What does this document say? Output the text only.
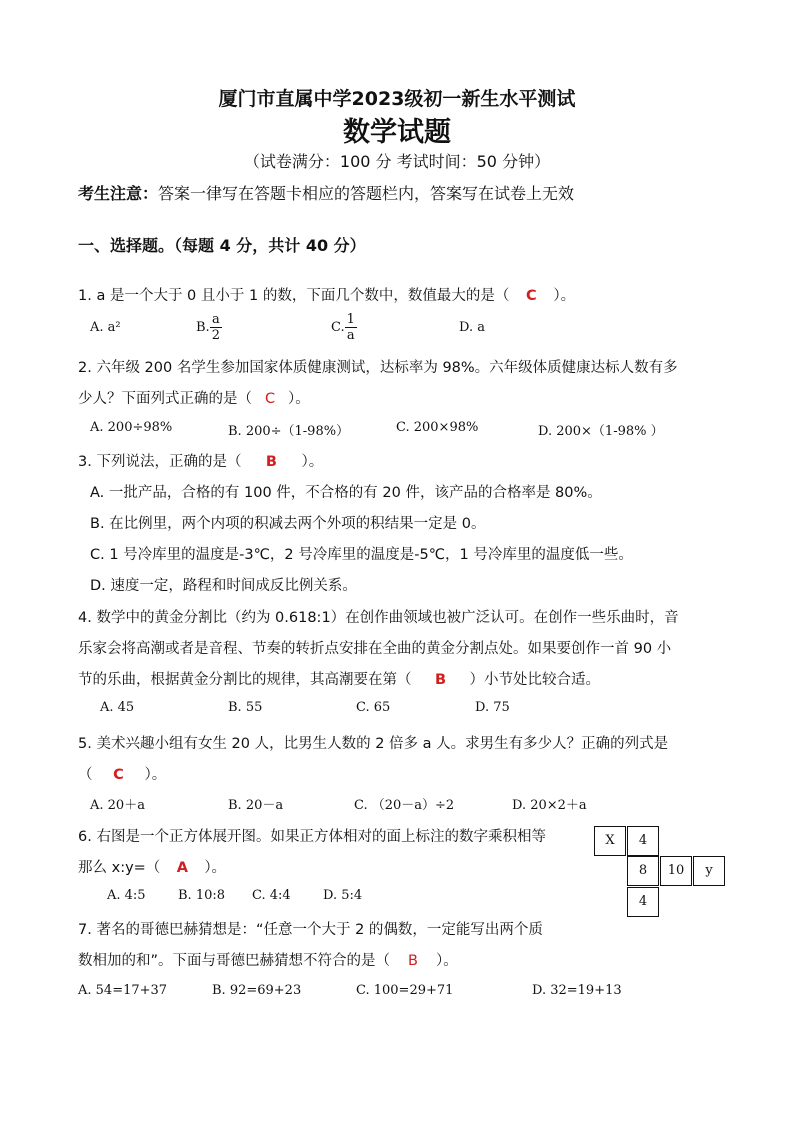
厦门市直属中学2023级初一新生水平测试
数学试题
（试卷满分：100 分 考试时间：50 分钟）
考生注意：答案一律写在答题卡相应的答题栏内，答案写在试卷上无效
一、选择题。（每题 4 分，共计 40 分）
1. a 是一个大于 0 且小于 1 的数，下面几个数中，数值最大的是（ C ）。
A. a²	B. $\frac{a}{2}$	C. $\frac{1}{a}$	D. a
2. 六年级 200 名学生参加国家体质健康测试，达标率为 98%。六年级体质健康达标人数有多
少人？下面列式正确的是（ C ）。
A. 200÷98%	B. 200÷（1-98%）	C. 200×98%	D. 200×（1-98% ）
3. 下列说法，正确的是（ B ）。
A. 一批产品，合格的有 100 件，不合格的有 20 件，该产品的合格率是 80%。
B. 在比例里，两个内项的积减去两个外项的积结果一定是 0。
C. 1 号冷库里的温度是-3℃，2 号冷库里的温度是-5℃，1 号冷库里的温度低一些。
D. 速度一定，路程和时间成反比例关系。
4. 数学中的黄金分割比（约为 0.618:1）在创作曲领域也被广泛认可。在创作一些乐曲时，音
乐家会将高潮或者是音程、节奏的转折点安排在全曲的黄金分割点处。如果要创作一首 90 小
节的乐曲，根据黄金分割比的规律，其高潮要在第（ B ）小节处比较合适。
A. 45	B. 55	C. 65	D. 75
5. 美术兴趣小组有女生 20 人，比男生人数的 2 倍多 a 人。求男生有多少人？正确的列式是
（ C ）。
A. 20＋a	B. 20－a	C. （20－a）÷2	D. 20×2＋a
6. 右图是一个正方体展开图。如果正方体相对的面上标注的数字乘积相等
那么 x:y=（ A ）。
A. 4:5 B. 10:8 C. 4:4 D. 5:4
X	4
8	10	y
4
7. 著名的哥德巴赫猜想是：“任意一个大于 2 的偶数，一定能写出两个质
数相加的和”。下面与哥德巴赫猜想不符合的是（ B ）。
A. 54=17+37	B. 92=69+23	C. 100=29+71	D. 32=19+13
